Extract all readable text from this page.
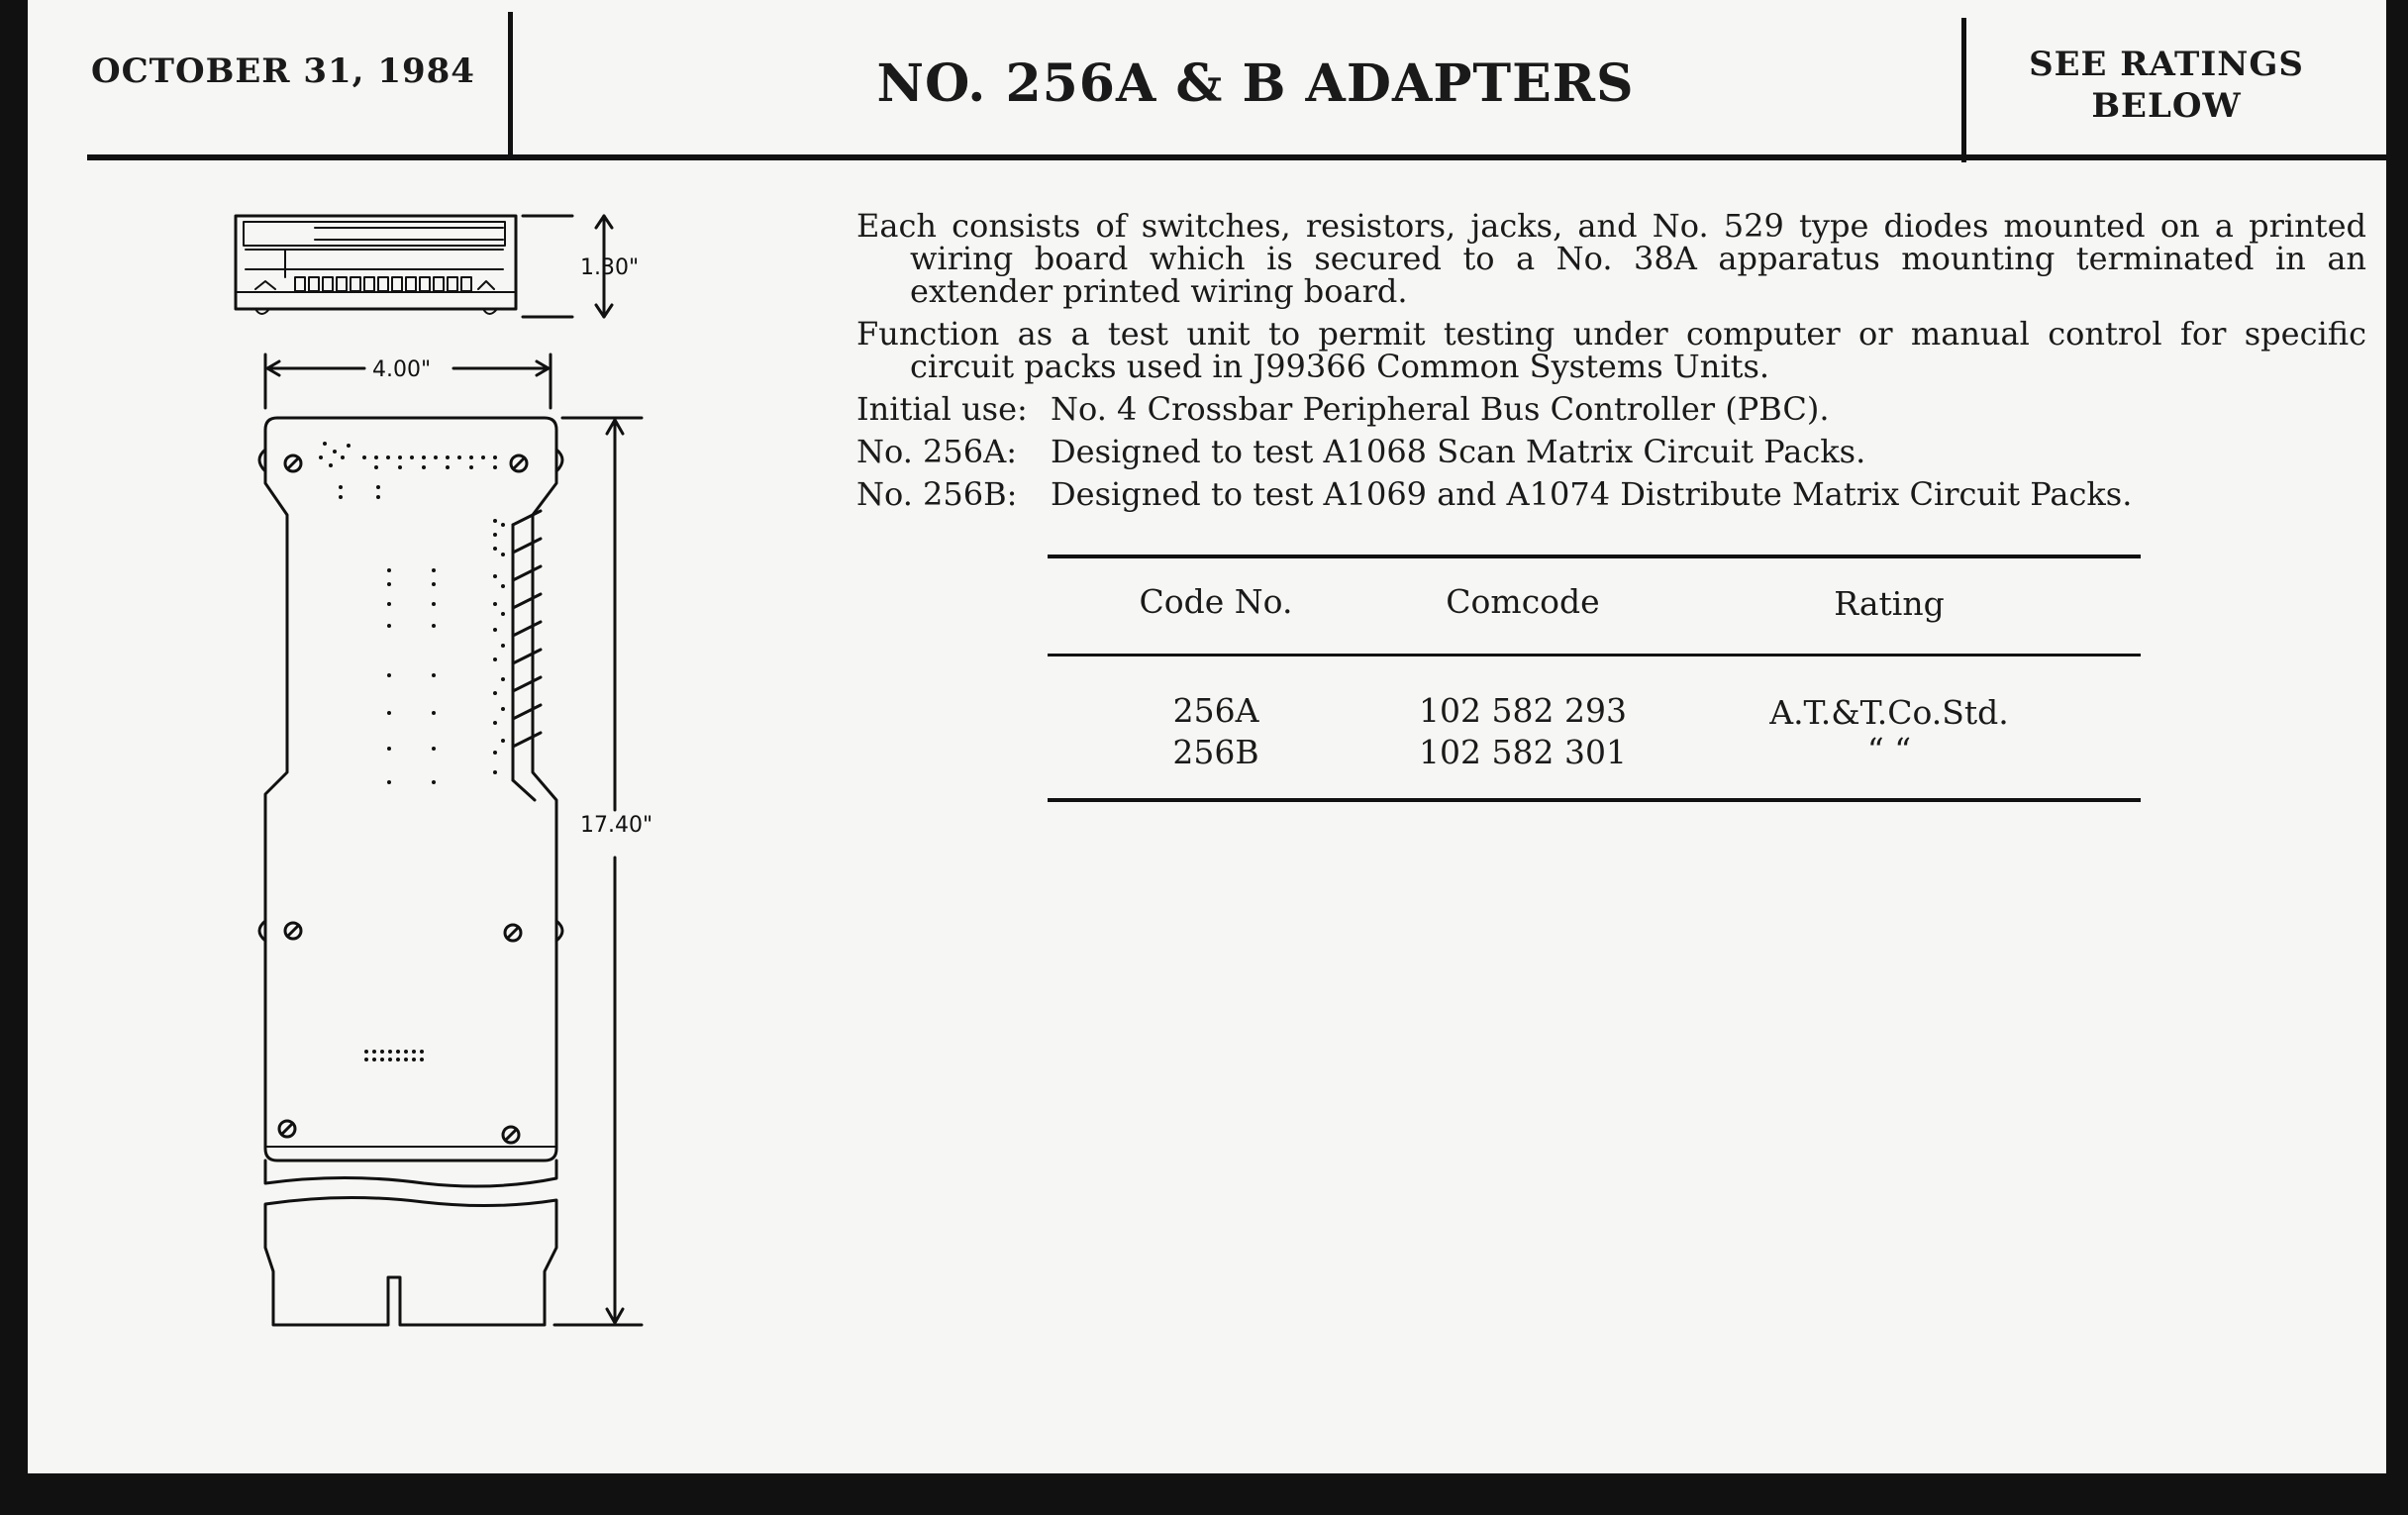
OCTOBER 31, 1984	NO. 256A & B ADAPTERS	SEE RATINGS
BELOW
1.30"
4.00"
17.40"

Each consists of switches, resistors, jacks, and No. 529 type diodes mounted on a printed wiring board which is secured to a No. 38A apparatus mounting terminated in an extender printed wiring board.

Function as a test unit to permit testing under computer or manual control for specific circuit packs used in J99366 Common Systems Units.

Initial use: No. 4 Crossbar Peripheral Bus Controller (PBC).

No. 256A: Designed to test A1068 Scan Matrix Circuit Packs.

No. 256B: Designed to test A1069 and A1074 Distribute Matrix Circuit Packs.

Code No.	Comcode	Rating
256A	102 582 293	A.T.&T.Co.Std.
256B	102 582 301	“ “
